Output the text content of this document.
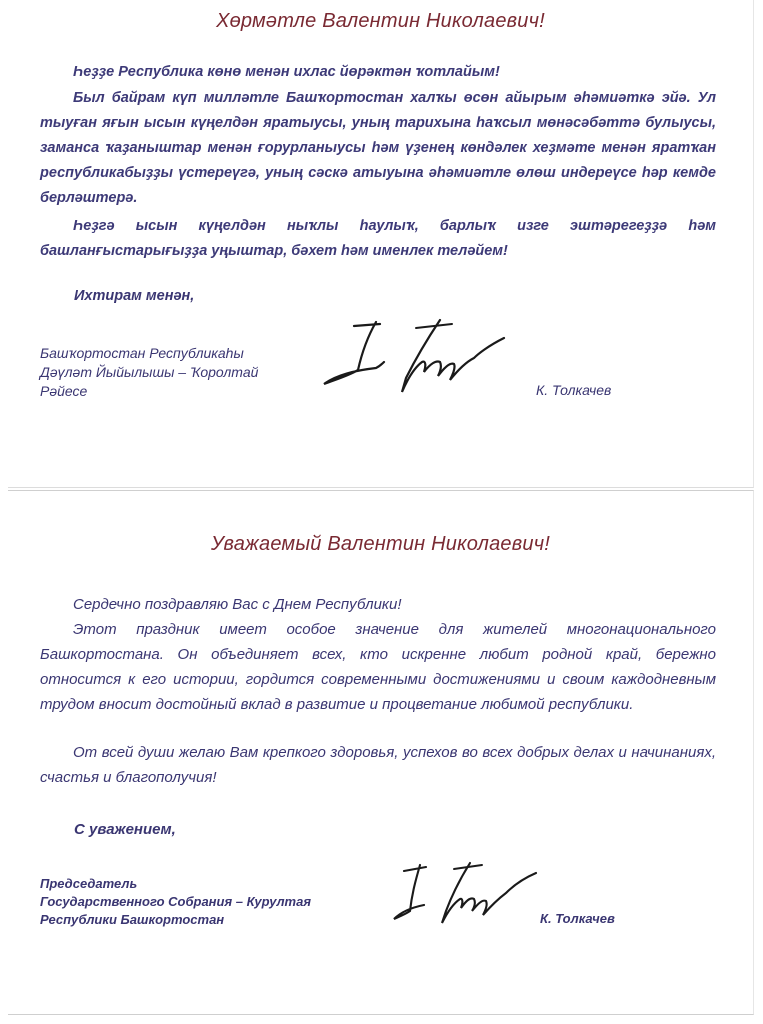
Хөрмәтле Валентин Николаевич!

Һеҙҙе Республика көнө менән ихлас йөрәктән ҡотлайым!

Был байрам күп милләтле Башҡортостан халҡы өсөн айырым әһәмиәткә эйә. Ул тыуған яғын ысын күңелдән яратыусы, уның тарихына һаҡсыл мөнәсәбәттә булыусы, заманса ҡаҙаныштар менән ғорурланыусы һәм үҙенең көндәлек хеҙмәте менән яратҡан республикабыҙҙы үстереүгә, уның сәскә атыуына әһәмиәтле өлөш индереүсе һәр кемде берләштерә.

Һеҙгә ысын күңелдән ныҡлы һаулыҡ, барлыҡ изге эштәрегеҙҙә һәм башланғыстарығыҙҙа уңыштар, бәхет һәм именлек теләйем!

Ихтирам менән,
Башҡортостан Республикаһы
Дәүләт Йыйылышы – Ҡоролтай
Рәйесе	К. Толкачев
Уважаемый Валентин Николаевич!

Сердечно поздравляю Вас с Днем Республики!

Этот праздник имеет особое значение для жителей многонационального Башкортостана. Он объединяет всех, кто искренне любит родной край, бережно относится к его истории, гордится современными достижениями и своим каждодневным трудом вносит достойный вклад в развитие и процветание любимой республики.

От всей души желаю Вам крепкого здоровья, успехов во всех добрых делах и начинаниях, счастья и благополучия!

С уважением,
Председатель
Государственного Собрания – Курултая
Республики Башкортостан	К. Толкачев
